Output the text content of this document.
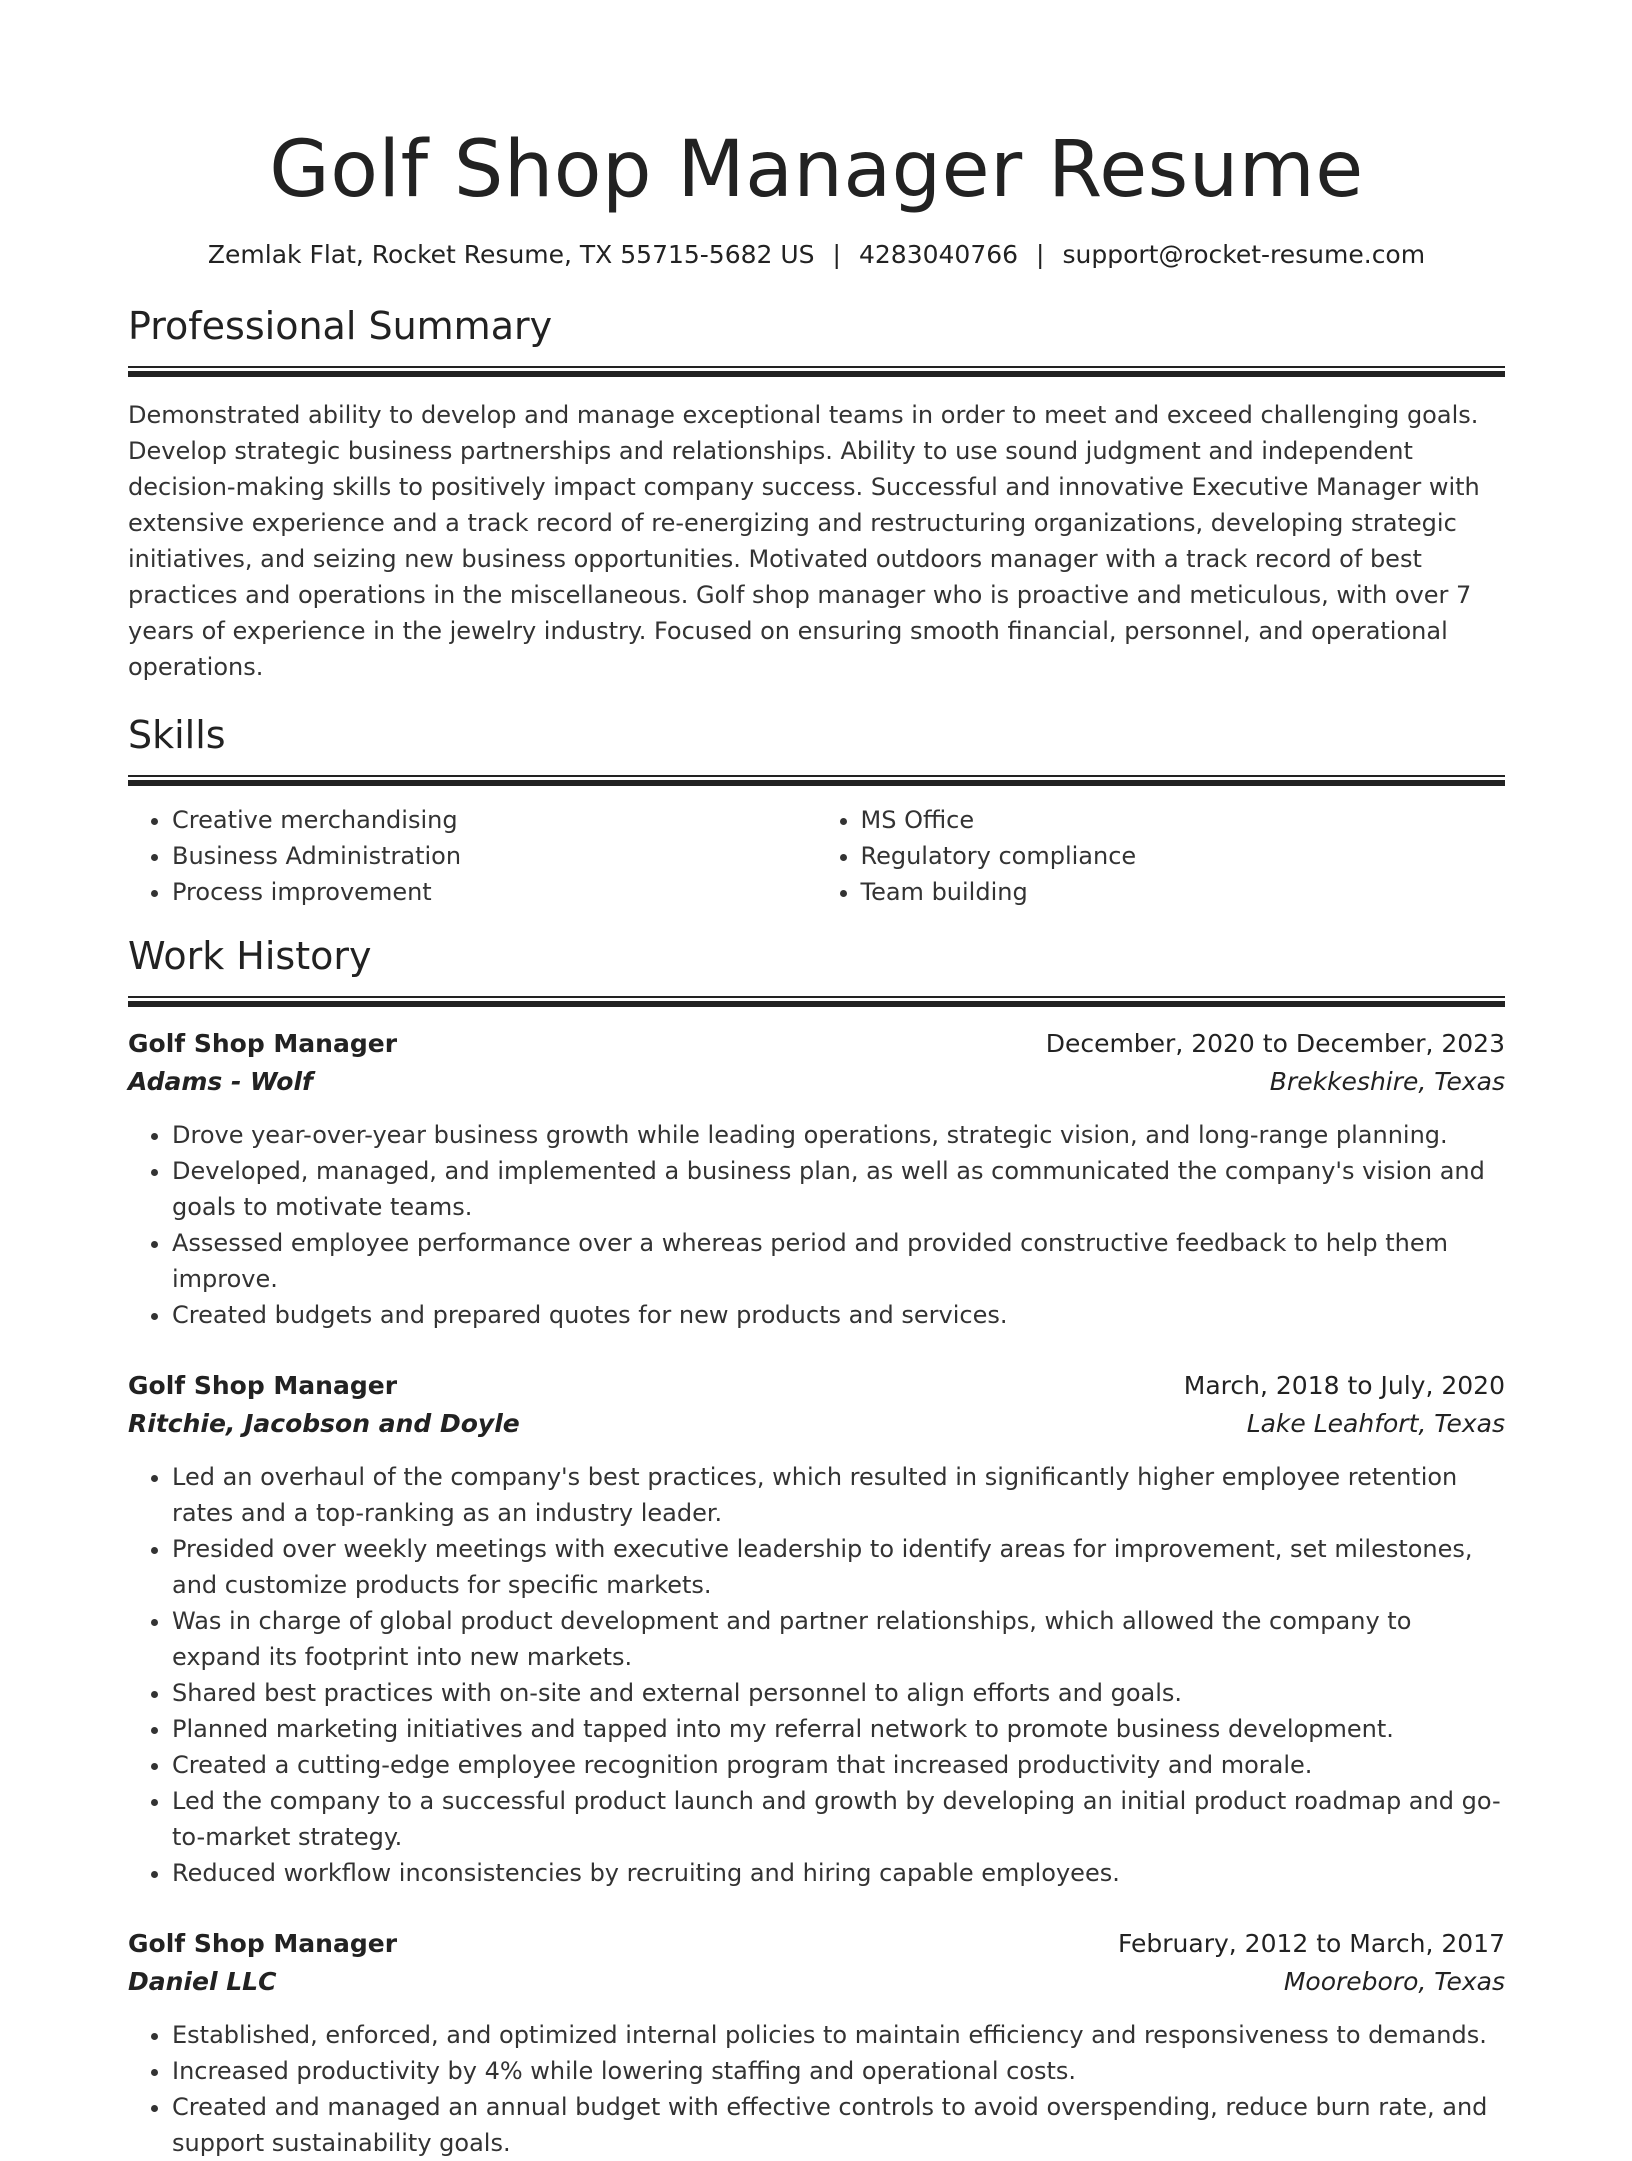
Golf Shop Manager Resume
Zemlak Flat, Rocket Resume, TX 55715-5682 US | 4283040766 | support@rocket-resume.com
Professional Summary

Demonstrated ability to develop and manage exceptional teams in order to meet and exceed challenging goals. Develop strategic business partnerships and relationships. Ability to use sound judgment and independent decision-making skills to positively impact company success. Successful and innovative Executive Manager with extensive experience and a track record of re-energizing and restructuring organizations, developing strategic initiatives, and seizing new business opportunities. Motivated outdoors manager with a track record of best practices and operations in the miscellaneous. Golf shop manager who is proactive and meticulous, with over 7 years of experience in the jewelry industry. Focused on ensuring smooth financial, personnel, and operational operations.

Skills
• Creative merchandising
• Business Administration
• Process improvement
• MS Office
• Regulatory compliance
• Team building
Work History
Golf Shop Manager	December, 2020 to December, 2023
Adams - Wolf	Brekkeshire, Texas
• Drove year-over-year business growth while leading operations, strategic vision, and long-range planning.
• Developed, managed, and implemented a business plan, as well as communicated the company's vision and goals to motivate teams.
• Assessed employee performance over a whereas period and provided constructive feedback to help them improve.
• Created budgets and prepared quotes for new products and services.
Golf Shop Manager	March, 2018 to July, 2020
Ritchie, Jacobson and Doyle	Lake Leahfort, Texas
• Led an overhaul of the company's best practices, which resulted in significantly higher employee retention rates and a top-ranking as an industry leader.
• Presided over weekly meetings with executive leadership to identify areas for improvement, set milestones, and customize products for specific markets.
• Was in charge of global product development and partner relationships, which allowed the company to expand its footprint into new markets.
• Shared best practices with on-site and external personnel to align efforts and goals.
• Planned marketing initiatives and tapped into my referral network to promote business development.
• Created a cutting-edge employee recognition program that increased productivity and morale.
• Led the company to a successful product launch and growth by developing an initial product roadmap and go-to-market strategy.
• Reduced workflow inconsistencies by recruiting and hiring capable employees.
Golf Shop Manager	February, 2012 to March, 2017
Daniel LLC	Mooreboro, Texas
• Established, enforced, and optimized internal policies to maintain efficiency and responsiveness to demands.
• Increased productivity by 4% while lowering staffing and operational costs.
• Created and managed an annual budget with effective controls to avoid overspending, reduce burn rate, and support sustainability goals.
